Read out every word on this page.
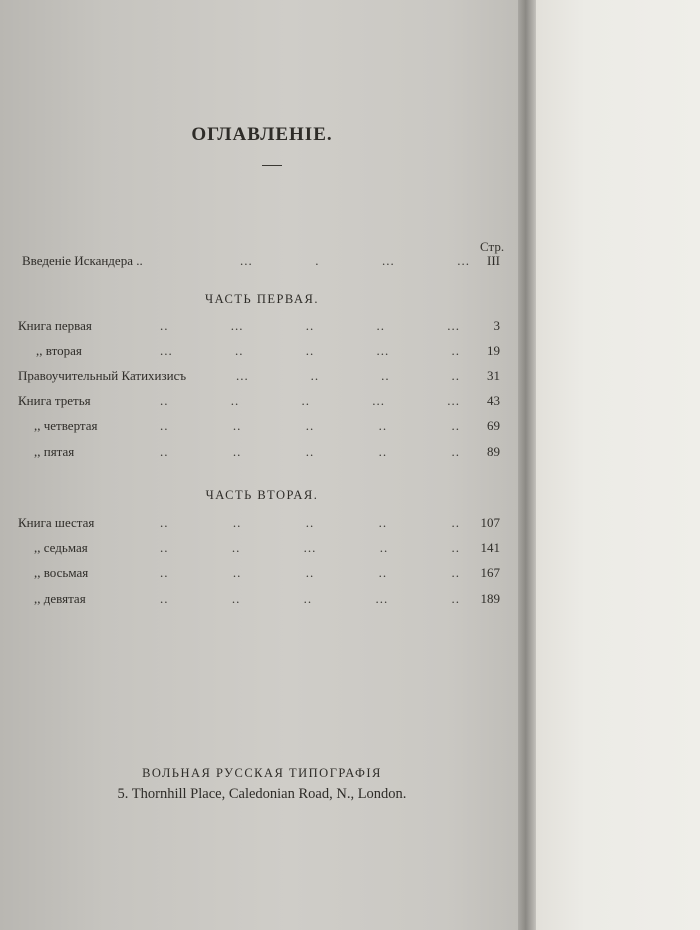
ОГЛАВЛЕНІЕ.
Стр.
Введеніе Искандера ..	...	.	...	...	III
ЧАСТЬ ПЕРВАЯ.
Книга первая	..	...	..	..	...	3
,, вторая	...	..	..	...	..	19
Правоучительный Катихизисъ	...	..	..	..	31
Книга третья	..	..	..	...	...	43
,, четвертая	..	..	..	..	..	69
,, пятая	..	..	..	..	..	89
ЧАСТЬ ВТОРАЯ.
Книга шестая	..	..	..	..	..	107
,, седьмая	..	..	...	..	..	141
,, восьмая	..	..	..	..	..	167
,, девятая	..	..	..	...	..	189
ВОЛЬНАЯ РУССКАЯ ТИПОГРАФІЯ
5. Thornhill Place, Caledonian Road, N., London.
